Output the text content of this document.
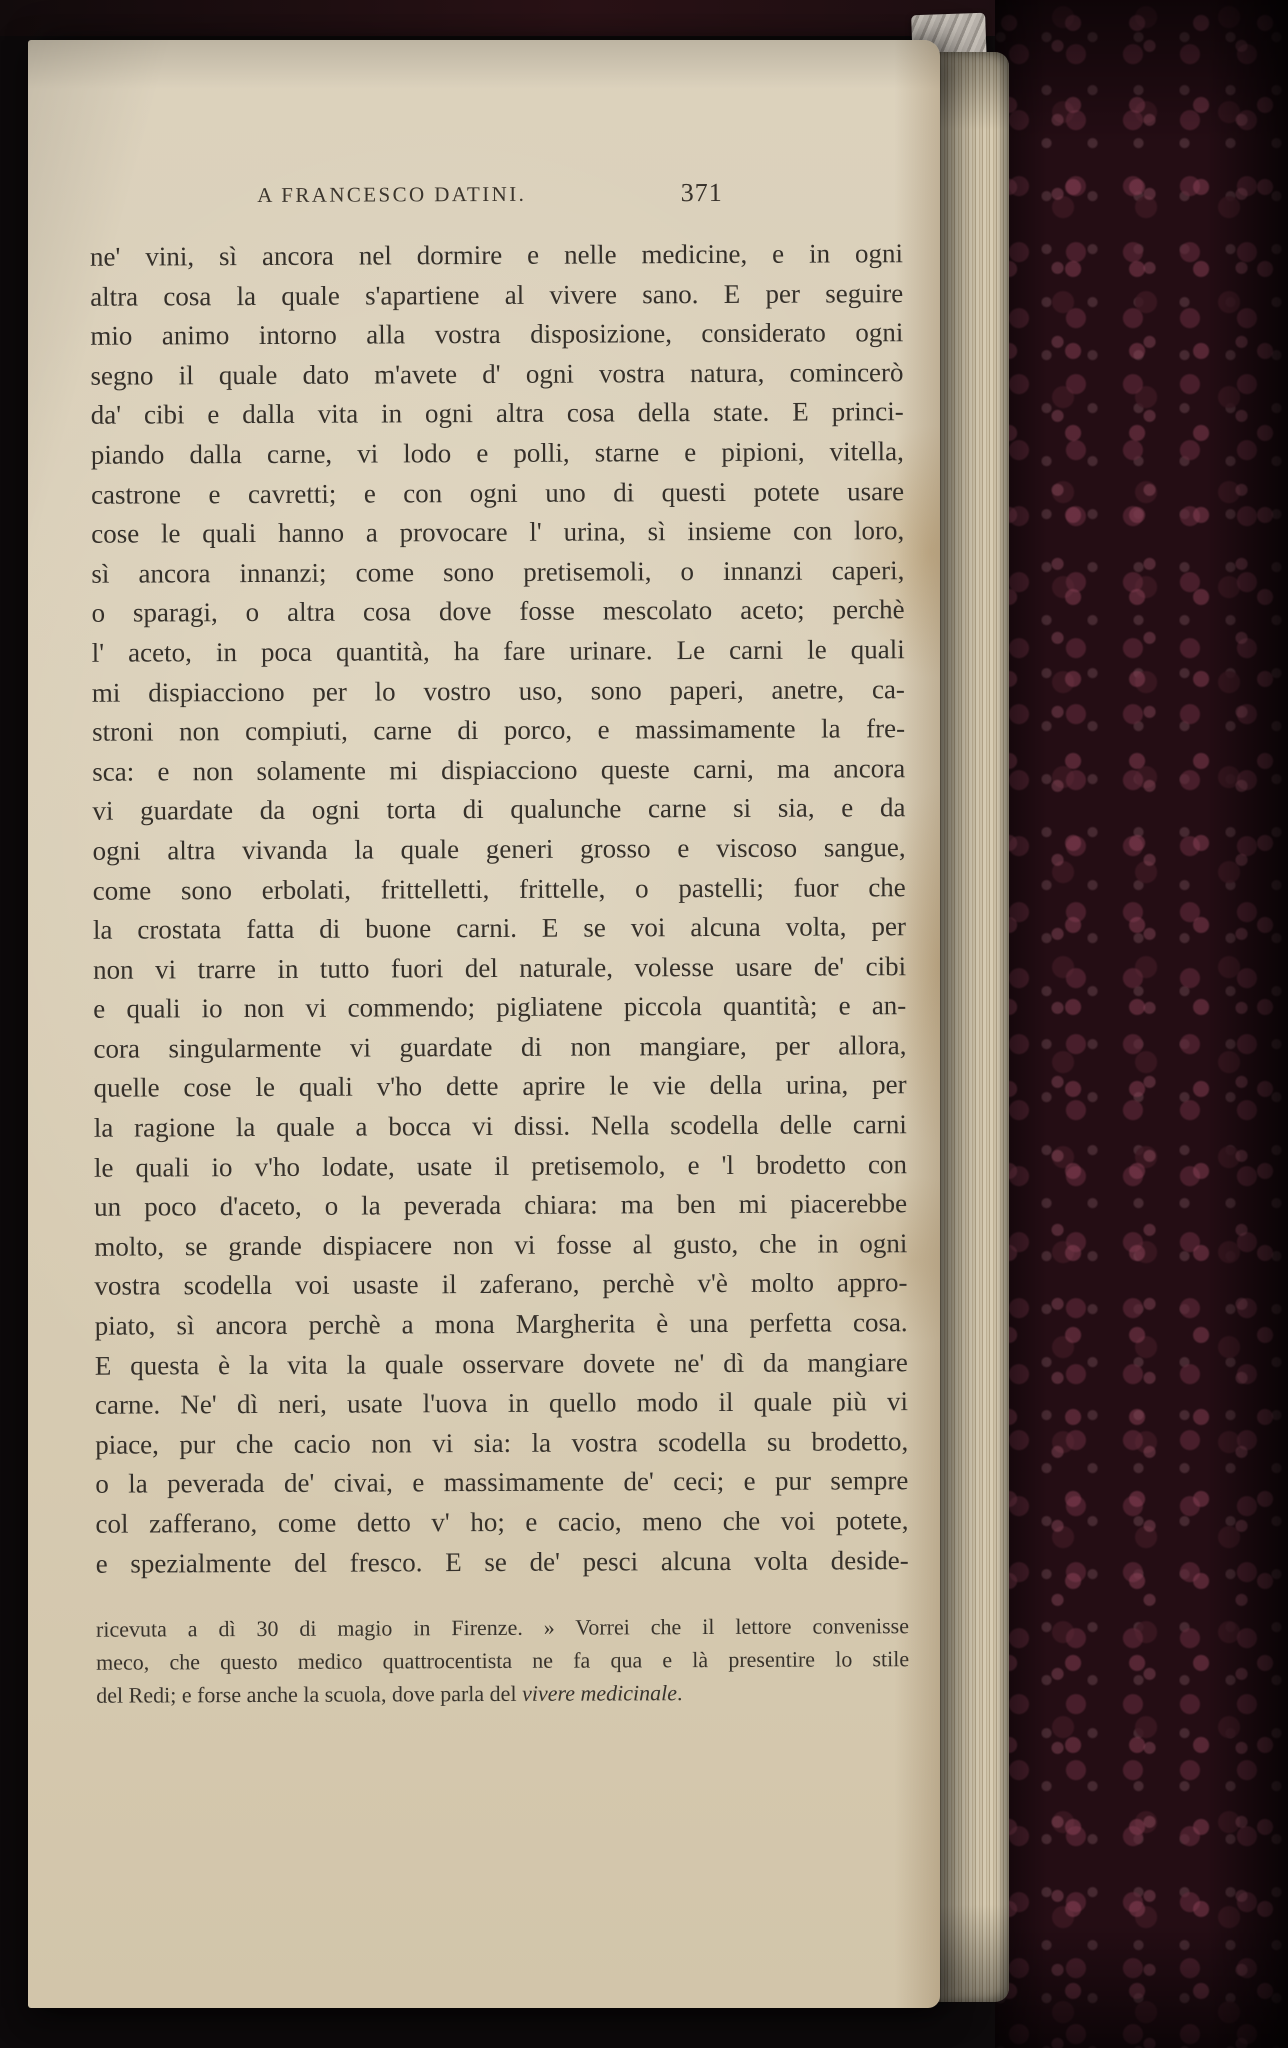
A FRANCESCO DATINI.	371
ne' vini, sì ancora nel dormire e nelle medicine, e in ogni
altra cosa la quale s'apartiene al vivere sano. E per seguire
mio animo intorno alla vostra disposizione, considerato ogni
segno il quale dato m'avete d' ogni vostra natura, comincerò
da' cibi e dalla vita in ogni altra cosa della state. E princi-
piando dalla carne, vi lodo e polli, starne e pipioni, vitella,
castrone e cavretti; e con ogni uno di questi potete usare
cose le quali hanno a provocare l' urina, sì insieme con loro,
sì ancora innanzi; come sono pretisemoli, o innanzi caperi,
o sparagi, o altra cosa dove fosse mescolato aceto; perchè
l' aceto, in poca quantità, ha fare urinare. Le carni le quali
mi dispiacciono per lo vostro uso, sono paperi, anetre, ca-
stroni non compiuti, carne di porco, e massimamente la fre-
sca: e non solamente mi dispiacciono queste carni, ma ancora
vi guardate da ogni torta di qualunche carne si sia, e da
ogni altra vivanda la quale generi grosso e viscoso sangue,
come sono erbolati, frittelletti, frittelle, o pastelli; fuor che
la crostata fatta di buone carni. E se voi alcuna volta, per
non vi trarre in tutto fuori del naturale, volesse usare de' cibi
e quali io non vi commendo; pigliatene piccola quantità; e an-
cora singularmente vi guardate di non mangiare, per allora,
quelle cose le quali v'ho dette aprire le vie della urina, per
la ragione la quale a bocca vi dissi. Nella scodella delle carni
le quali io v'ho lodate, usate il pretisemolo, e 'l brodetto con
un poco d'aceto, o la peverada chiara: ma ben mi piacerebbe
molto, se grande dispiacere non vi fosse al gusto, che in ogni
vostra scodella voi usaste il zaferano, perchè v'è molto appro-
piato, sì ancora perchè a mona Margherita è una perfetta cosa.
E questa è la vita la quale osservare dovete ne' dì da mangiare
carne. Ne' dì neri, usate l'uova in quello modo il quale più vi
piace, pur che cacio non vi sia: la vostra scodella su brodetto,
o la peverada de' civai, e massimamente de' ceci; e pur sempre
col zafferano, come detto v' ho; e cacio, meno che voi potete,
e spezialmente del fresco. E se de' pesci alcuna volta deside-
ricevuta a dì 30 di magio in Firenze. » Vorrei che il lettore convenisse
meco, che questo medico quattrocentista ne fa qua e là presentire lo stile
del Redi; e forse anche la scuola, dove parla del vivere medicinale.
